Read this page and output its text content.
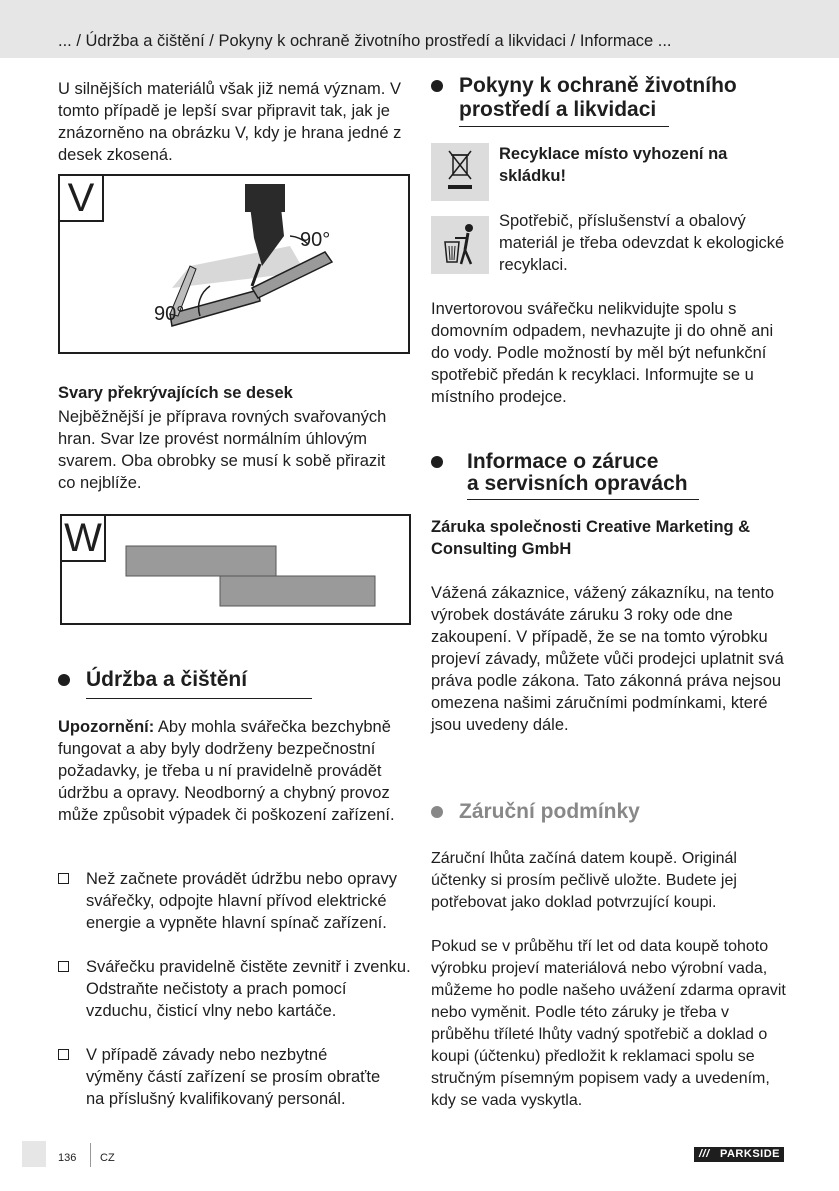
... / Údržba a čištění / Pokyny k ochraně životního prostředí a likvidaci / Informace ...

U silnějších materiálů však již nemá význam. V tomto případě je lepší svar připravit tak, jak je znázorněno na obrázku V, kdy je hrana jedné z desek zkosená.

V
90°
90°

Svary překrývajících se desek

Nejběžnější je příprava rovných svařovaných hran. Svar lze provést normálním úhlovým svarem. Oba obrobky se musí k sobě přirazit co nejblíže.

W
Údržba a čištění

Upozornění: Aby mohla svářečka bezchybně fungovat a aby byly dodrženy bezpečnostní požadavky, je třeba u ní pravidelně provádět údržbu a opravy. Neodborný a chybný provoz může způsobit výpadek či poškození zařízení.

Než začnete provádět údržbu nebo opravy svářečky, odpojte hlavní přívod elektrické energie a vypněte hlavní spínač zařízení.

Svářečku pravidelně čistěte zevnitř i zvenku. Odstraňte nečistoty a prach pomocí vzduchu, čisticí vlny nebo kartáče.

V případě závady nebo nezbytné výměny částí zařízení se prosím obraťte na příslušný kvalifikovaný personál.

Pokyny k ochraně životního
prostředí a likvidaci

Recyklace místo vyhození na skládku!

Spotřebič, příslušenství a obalový materiál je třeba odevzdat k ekologické recyklaci.

Invertorovou svářečku nelikvidujte spolu s domovním odpadem, nevhazujte ji do ohně ani do vody. Podle možností by měl být nefunkční spotřebič předán k recyklaci. Informujte se u místního prodejce.

Informace o záruce
a servisních opravách

Záruka společnosti Creative Marketing & Consulting GmbH

Vážená zákaznice, vážený zákazníku, na tento výrobek dostáváte záruku 3 roky ode dne zakoupení. V případě, že se na tomto výrobku projeví závady, můžete vůči prodejci uplatnit svá práva podle zákona. Tato zákonná práva nejsou omezena našimi záručními podmínkami, které jsou uvedeny dále.

Záruční podmínky

Záruční lhůta začíná datem koupě. Originál účtenky si prosím pečlivě uložte. Budete jej potřebovat jako doklad potvrzující koupi.

Pokud se v průběhu tří let od data koupě tohoto výrobku projeví materiálová nebo výrobní vada, můžeme ho podle našeho uvážení zdarma opravit nebo vyměnit. Podle této záruky je třeba v průběhu tříleté lhůty vadný spotřebič a doklad o koupi (účtenku) předložit k reklamaci spolu se stručným písemným popisem vady a uvedením, kdy se vada vyskytla.

136 CZ	/// PARKSIDE
